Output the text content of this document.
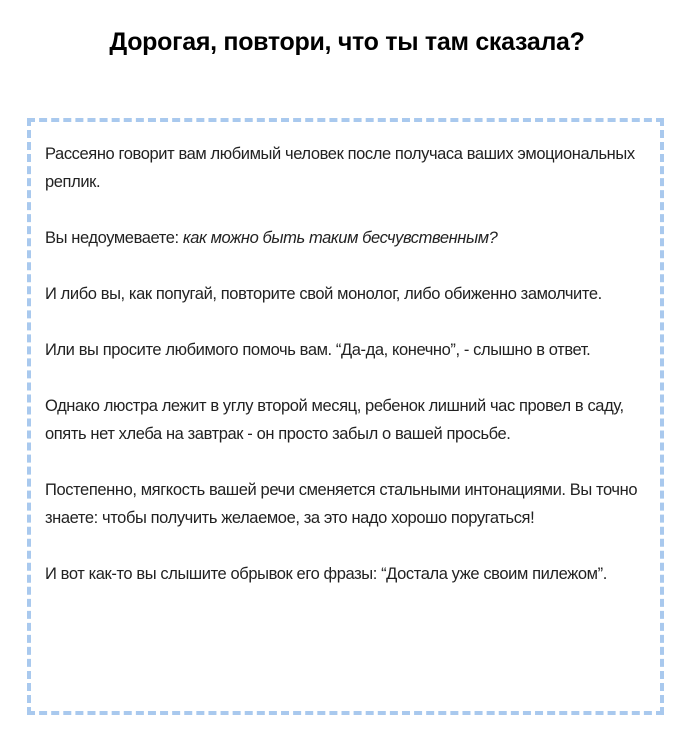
Дорогая, повтори, что ты там сказала?

Рассеяно говорит вам любимый человек после получаса ваших эмоциональных реплик.

Вы недоумеваете: как можно быть таким бесчувственным?

И либо вы, как попугай, повторите свой монолог, либо обиженно замолчите.

Или вы просите любимого помочь вам. “Да-да, конечно”, - слышно в ответ.

Однако люстра лежит в углу второй месяц, ребенок лишний час провел в саду, опять нет хлеба на завтрак - он просто забыл о вашей просьбе.

Постепенно, мягкость вашей речи сменяется стальными интонациями. Вы точно знаете: чтобы получить желаемое, за это надо хорошо поругаться!

И вот как-то вы слышите обрывок его фразы: “Достала уже своим пилежом”.
